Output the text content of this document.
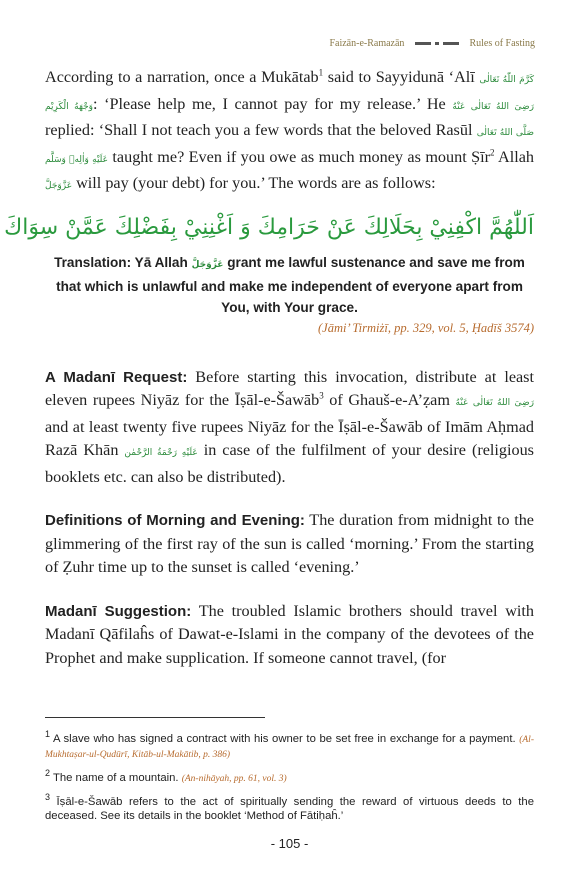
Faizān-e-Ramazān	Rules of Fasting

According to a narration, once a Mukātab$^1$ said to Sayyidunā ‘Alī كَرَّمَ اللّٰهُ تَعَالٰی وَجْهَهُ الْكَرِيْم: ‘Please help me, I cannot pay for my release.’ He رَضِیَ اللهُ تَعَالٰی عَنْهُ replied: ‘Shall I not teach you a few words that the beloved Rasūl صَلَّى اللهُ تَعَالٰى عَلَيْهِ وَاٰلِهٖ وَسَلَّم taught me? Even if you owe as much money as mount Ṣīr$^2$ Allah عَزَّوَجَلَّ will pay (your debt) for you.’ The words are as follows:

اَللّٰهُمَّ اكْفِنِيْ بِحَلَالِكَ عَنْ حَرَامِكَ وَ اَغْنِنِيْ بِفَضْلِكَ عَمَّنْ سِوَاكَ
Translation: Yā Allah عَزَّوَجَلَّ grant me lawful sustenance and save me from that which is unlawful and make me independent of everyone apart from You, with Your grace.
(Jāmi’ Tirmiżī, pp. 329, vol. 5, Ḥadīš 3574)

A Madanī Request: Before starting this invocation, distribute at least eleven rupees Niyāz for the Īṣāl-e-Šawāb$^3$ of Ghauš-e-A’ẓam رَضِیَ اللهُ تَعَالٰی عَنْهُ and at least twenty five rupees Niyāz for the Īṣāl-e-Šawāb of Imām Aḥmad Razā Khān عَلَيْهِ رَحْمَةُ الرَّحْمٰن in case of the fulfilment of your desire (religious booklets etc. can also be distributed).

Definitions of Morning and Evening: The duration from midnight to the glimmering of the first ray of the sun is called ‘morning.’ From the starting of Ẓuhr time up to the sunset is called ‘evening.’

Madanī Suggestion: The troubled Islamic brothers should travel with Madanī Qāfilaĥs of Dawat-e-Islami in the company of the devotees of the Prophet and make supplication. If someone cannot travel, (for

$^1$ A slave who has signed a contract with his owner to be set free in exchange for a payment. (Al-Mukhtaṣar-ul-Qudūrī, Kitāb-ul-Makātib, p. 386)
$^2$ The name of a mountain. (An-nihāyah, pp. 61, vol. 3)
$^3$ Īṣāl-e-Šawāb refers to the act of spiritually sending the reward of virtuous deeds to the deceased. See its details in the booklet ‘Method of Fātiḥaĥ.’
- 105 -
